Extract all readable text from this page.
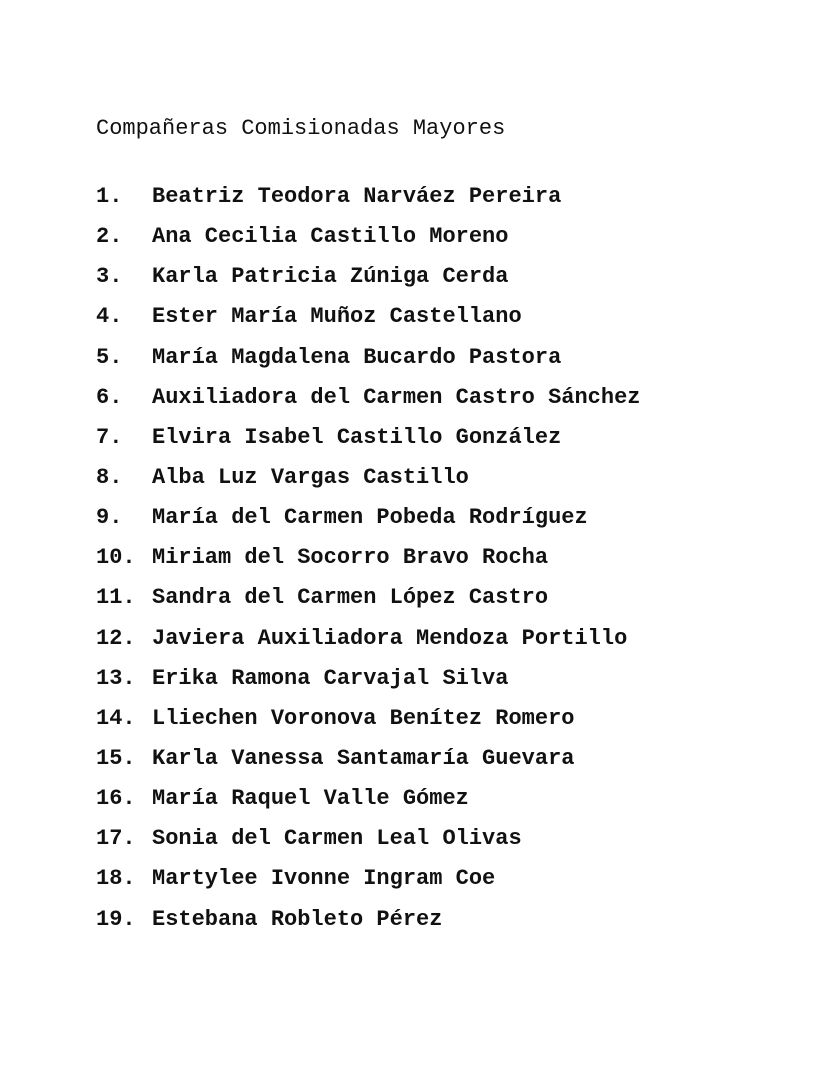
Compañeras Comisionadas Mayores
1.	Beatriz Teodora Narváez Pereira
2.	Ana Cecilia Castillo Moreno
3.	Karla Patricia Zúniga Cerda
4.	Ester María Muñoz Castellano
5.	María Magdalena Bucardo Pastora
6.	Auxiliadora del Carmen Castro Sánchez
7.	Elvira Isabel Castillo González
8.	Alba Luz Vargas Castillo
9.	María del Carmen Pobeda Rodríguez
10. Miriam del Socorro Bravo Rocha
11. Sandra del Carmen López Castro
12. Javiera Auxiliadora Mendoza Portillo
13. Erika Ramona Carvajal Silva
14. Lliechen Voronova Benítez Romero
15. Karla Vanessa Santamaría Guevara
16. María Raquel Valle Gómez
17. Sonia del Carmen Leal Olivas
18. Martylee Ivonne Ingram Coe
19. Estebana Robleto Pérez
